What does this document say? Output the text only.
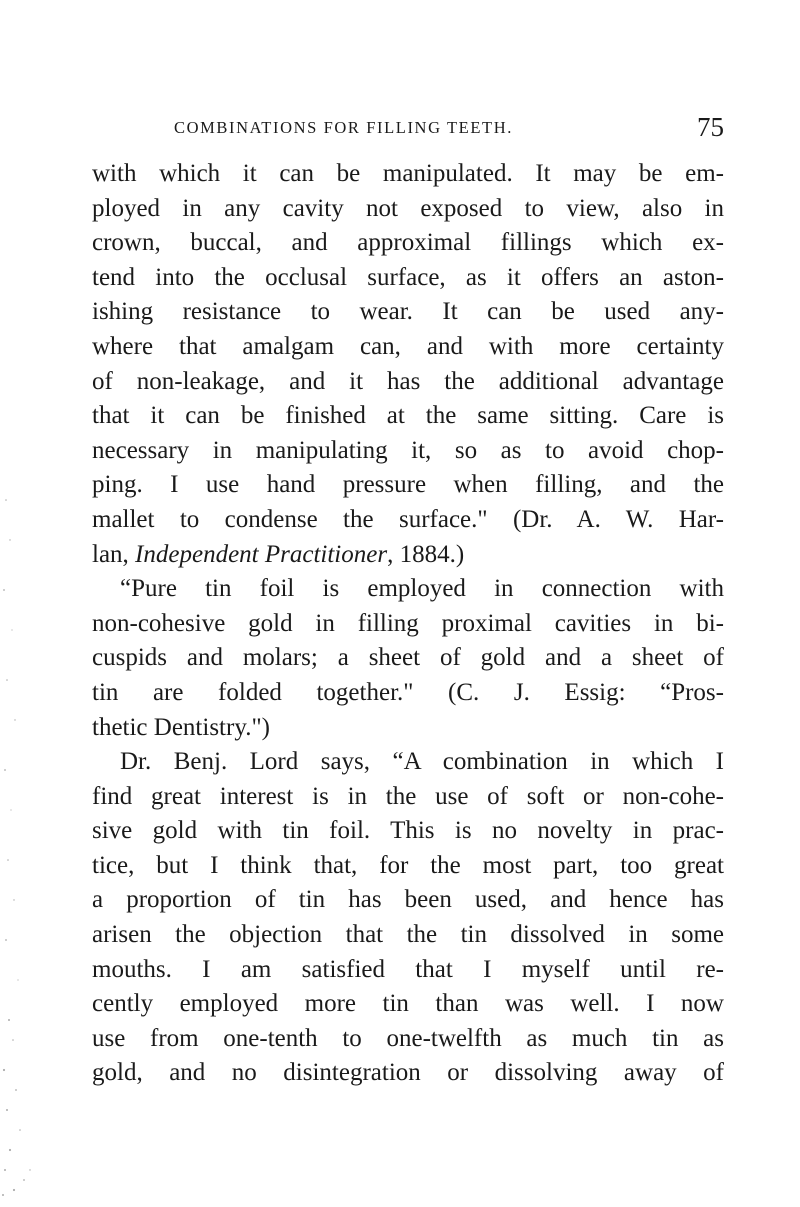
COMBINATIONS FOR FILLING TEETH.	75
with which it can be manipulated. It may be em-
ployed in any cavity not exposed to view, also in
crown, buccal, and approximal fillings which ex-
tend into the occlusal surface, as it offers an aston-
ishing resistance to wear. It can be used any-
where that amalgam can, and with more certainty
of non-leakage, and it has the additional advantage
that it can be finished at the same sitting. Care is
necessary in manipulating it, so as to avoid chop-
ping. I use hand pressure when filling, and the
mallet to condense the surface." (Dr. A. W. Har-
lan, Independent Practitioner, 1884.)
“Pure tin foil is employed in connection with
non-cohesive gold in filling proximal cavities in bi-
cuspids and molars; a sheet of gold and a sheet of
tin are folded together." (C. J. Essig: “Pros-
thetic Dentistry.")
Dr. Benj. Lord says, “A combination in which I
find great interest is in the use of soft or non-cohe-
sive gold with tin foil. This is no novelty in prac-
tice, but I think that, for the most part, too great
a proportion of tin has been used, and hence has
arisen the objection that the tin dissolved in some
mouths. I am satisfied that I myself until re-
cently employed more tin than was well. I now
use from one-tenth to one-twelfth as much tin as
gold, and no disintegration or dissolving away of
